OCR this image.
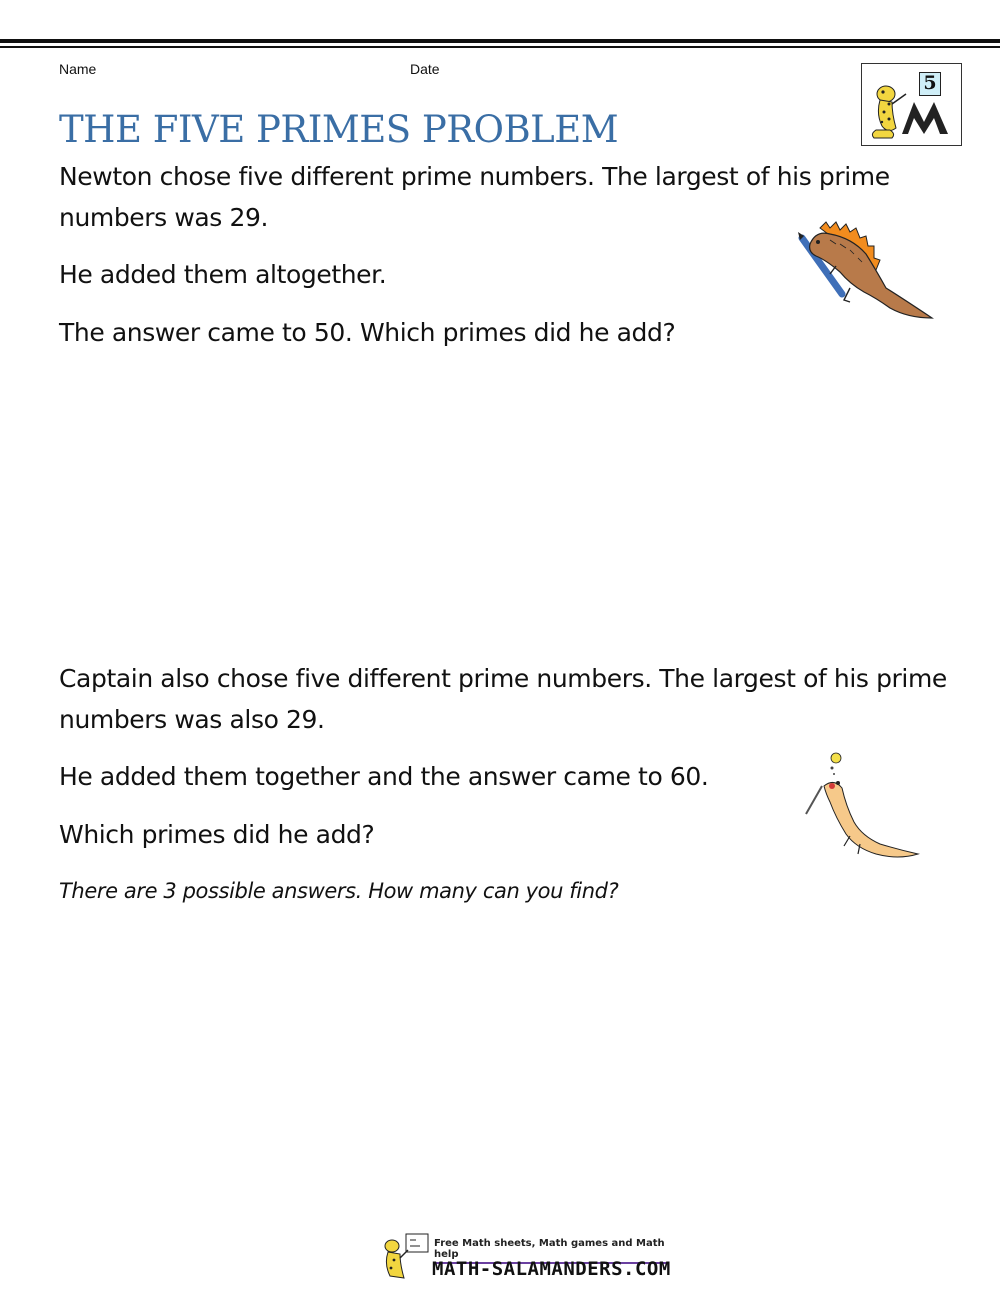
Name	Date
5
THE FIVE PRIMES PROBLEM

Newton chose five different prime numbers. The largest of his prime

numbers was 29.

He added them altogether.

The answer came to 50. Which primes did he add?

Captain also chose five different prime numbers. The largest of his prime

numbers was also 29.

He added them together and the answer came to 60.

Which primes did he add?

There are 3 possible answers. How many can you find?

Free Math sheets, Math games and Math help
MATH-SALAMANDERS.COM
